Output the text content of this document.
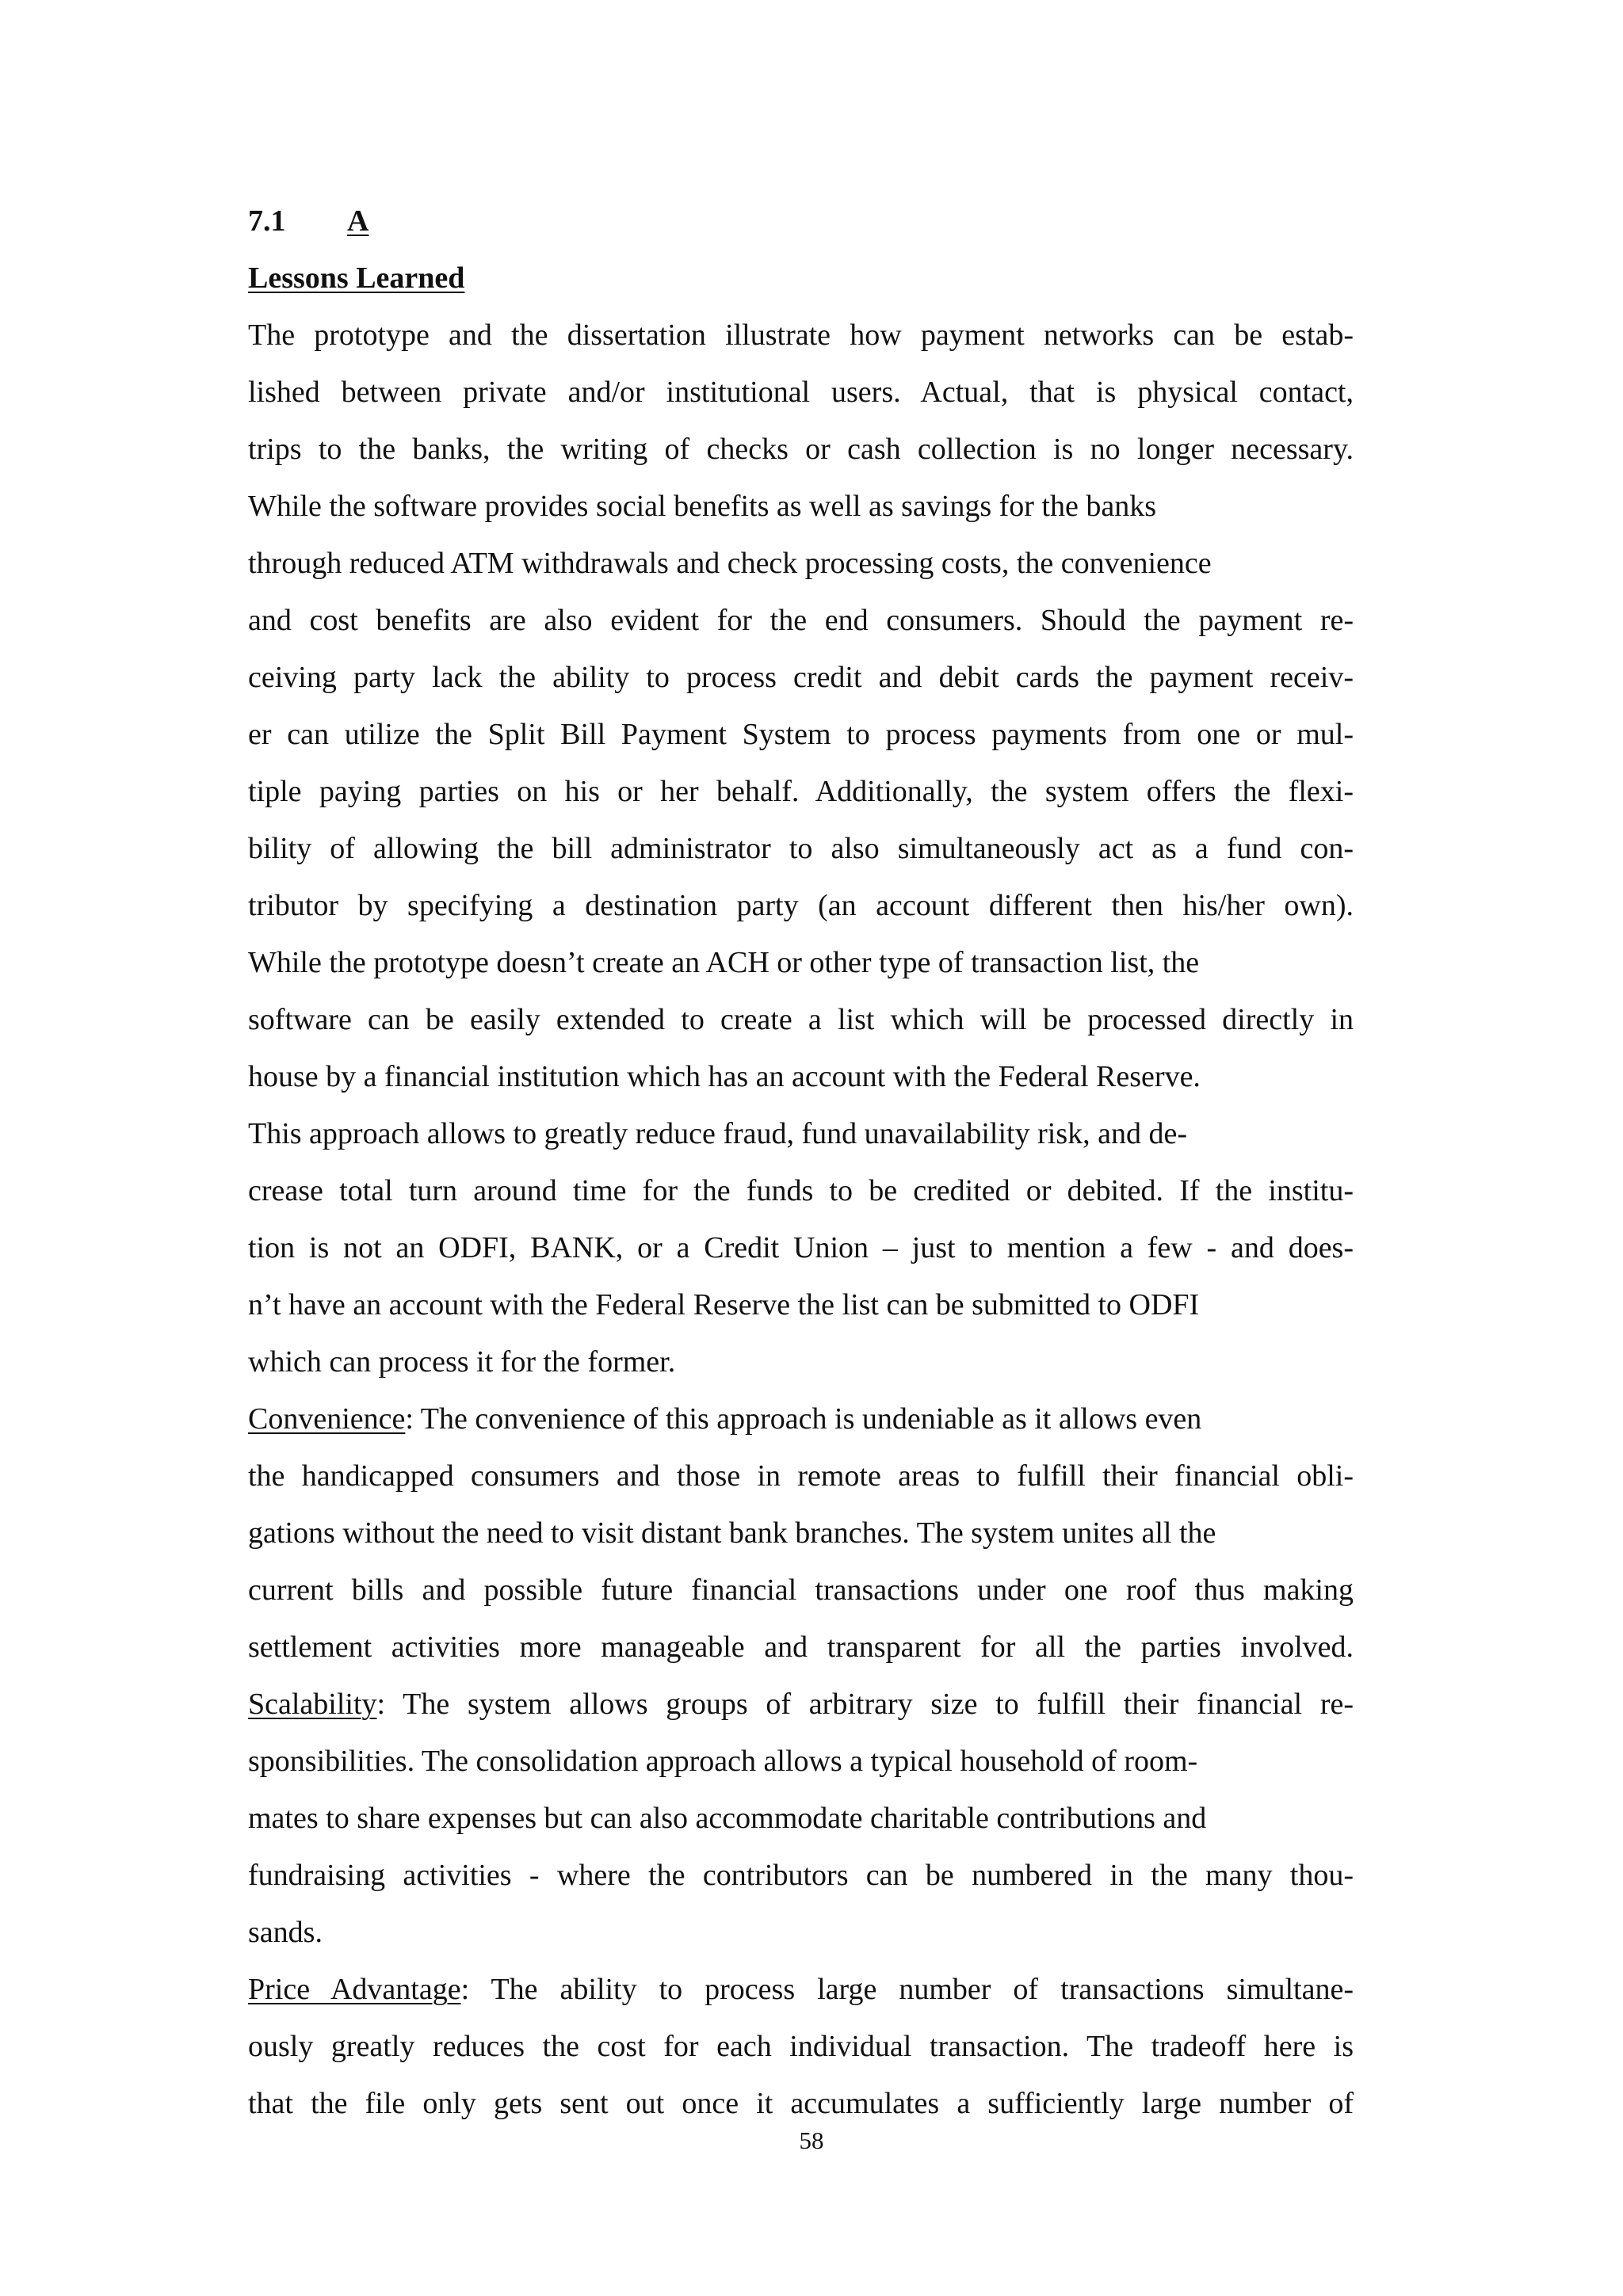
7.1 A
Lessons Learned
The prototype and the dissertation illustrate how payment networks can be estab-
lished between private and/or institutional users. Actual, that is physical contact,
trips to the banks, the writing of checks or cash collection is no longer necessary.
While the software provides social benefits as well as savings for the banks
through reduced ATM withdrawals and check processing costs, the convenience
and cost benefits are also evident for the end consumers. Should the payment re-
ceiving party lack the ability to process credit and debit cards the payment receiv-
er can utilize the Split Bill Payment System to process payments from one or mul-
tiple paying parties on his or her behalf. Additionally, the system offers the flexi-
bility of allowing the bill administrator to also simultaneously act as a fund con-
tributor by specifying a destination party (an account different then his/her own).
While the prototype doesn’t create an ACH or other type of transaction list, the
software can be easily extended to create a list which will be processed directly in
house by a financial institution which has an account with the Federal Reserve.
This approach allows to greatly reduce fraud, fund unavailability risk, and de-
crease total turn around time for the funds to be credited or debited. If the institu-
tion is not an ODFI, BANK, or a Credit Union – just to mention a few - and does-
n’t have an account with the Federal Reserve the list can be submitted to ODFI
which can process it for the former.
Convenience: The convenience of this approach is undeniable as it allows even
the handicapped consumers and those in remote areas to fulfill their financial obli-
gations without the need to visit distant bank branches. The system unites all the
current bills and possible future financial transactions under one roof thus making
settlement activities more manageable and transparent for all the parties involved.
Scalability: The system allows groups of arbitrary size to fulfill their financial re-
sponsibilities. The consolidation approach allows a typical household of room-
mates to share expenses but can also accommodate charitable contributions and
fundraising activities - where the contributors can be numbered in the many thou-
sands.
Price Advantage: The ability to process large number of transactions simultane-
ously greatly reduces the cost for each individual transaction. The tradeoff here is
that the file only gets sent out once it accumulates a sufficiently large number of
58
